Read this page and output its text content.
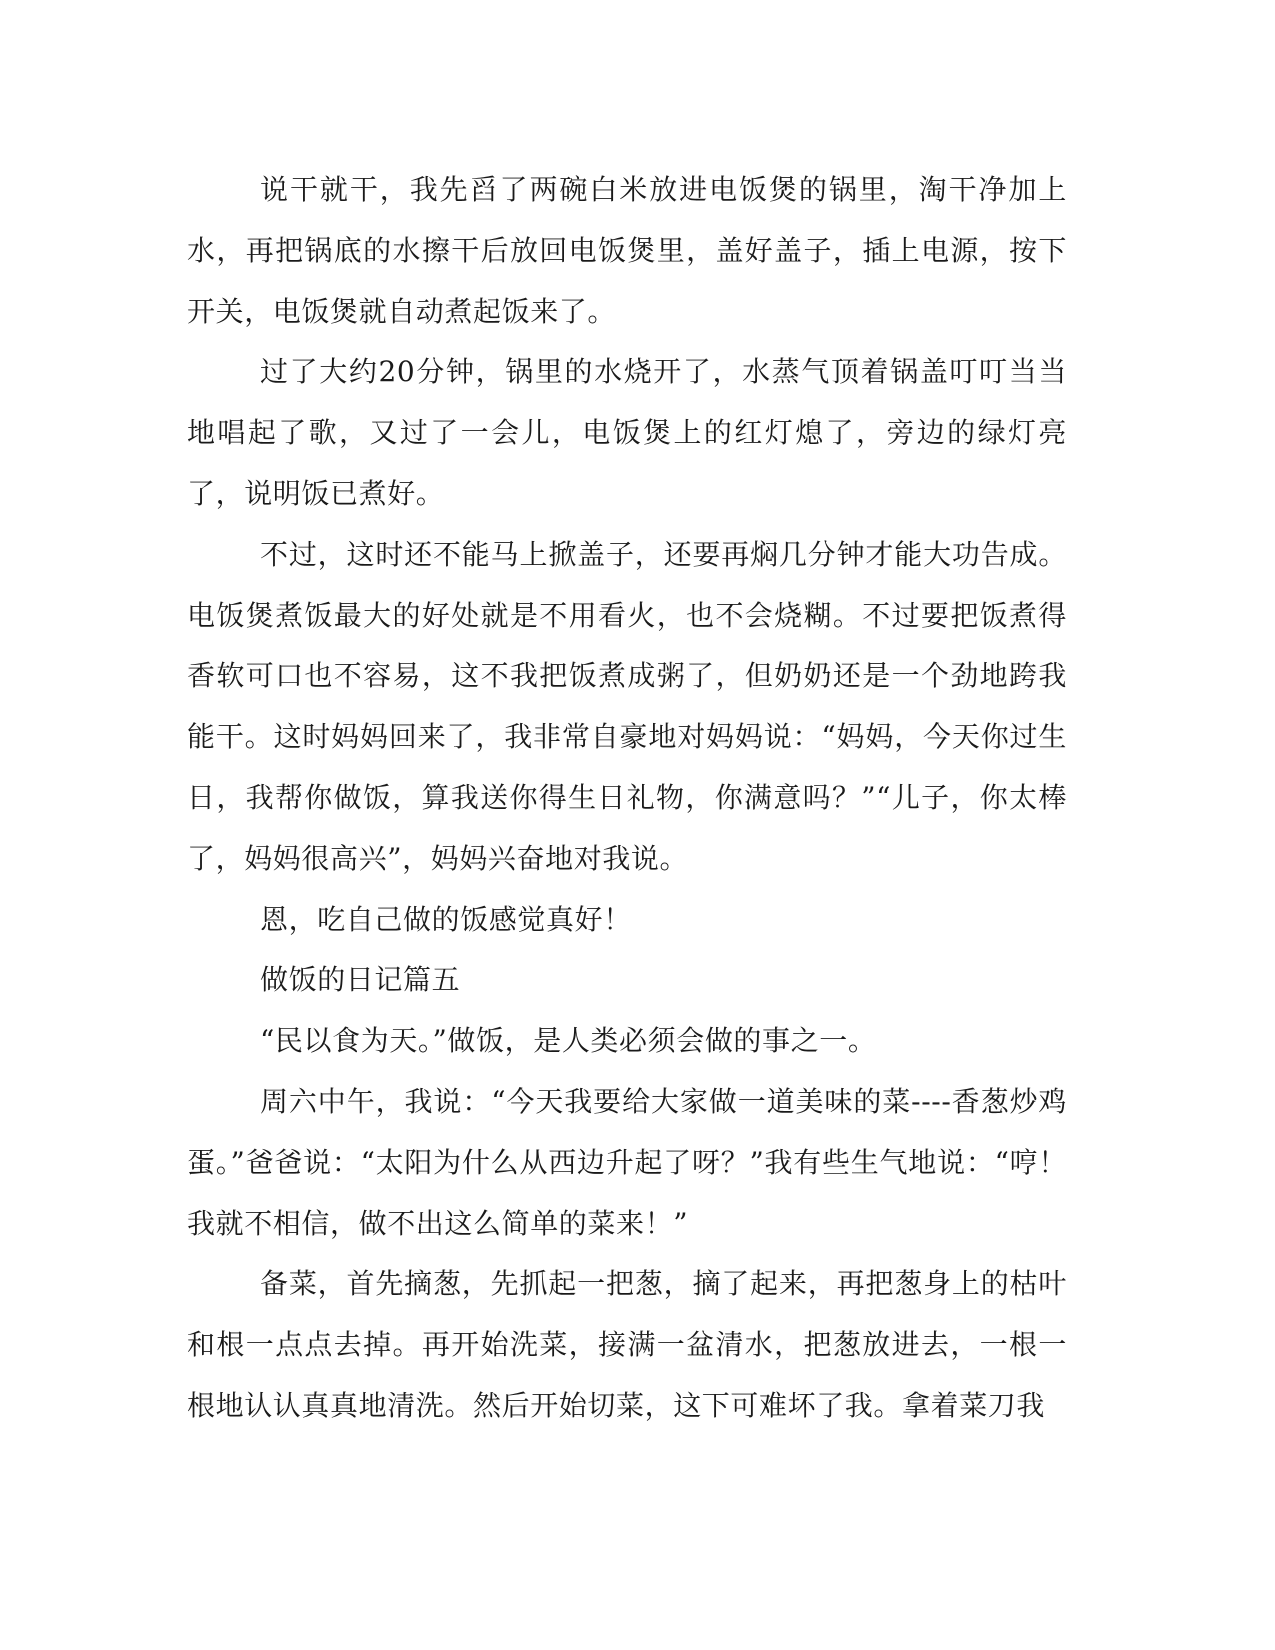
说干就干，我先舀了两碗白米放进电饭煲的锅里，淘干净加上水，再把锅底的水擦干后放回电饭煲里，盖好盖子，插上电源，按下开关，电饭煲就自动煮起饭来了。

过了大约20分钟，锅里的水烧开了，水蒸气顶着锅盖叮叮当当地唱起了歌，又过了一会儿，电饭煲上的红灯熄了，旁边的绿灯亮了，说明饭已煮好。

不过，这时还不能马上掀盖子，还要再焖几分钟才能大功告成。电饭煲煮饭最大的好处就是不用看火，也不会烧糊。不过要把饭煮得香软可口也不容易，这不我把饭煮成粥了，但奶奶还是一个劲地跨我能干。这时妈妈回来了，我非常自豪地对妈妈说：“妈妈，今天你过生日，我帮你做饭，算我送你得生日礼物，你满意吗？”“儿子，你太棒了，妈妈很高兴”，妈妈兴奋地对我说。

恩，吃自己做的饭感觉真好！

做饭的日记篇五

“民以食为天。”做饭，是人类必须会做的事之一。

周六中午，我说：“今天我要给大家做一道美味的菜----香葱炒鸡蛋。”爸爸说：“太阳为什么从西边升起了呀？”我有些生气地说：“哼！我就不相信，做不出这么简单的菜来！”

备菜，首先摘葱，先抓起一把葱，摘了起来，再把葱身上的枯叶和根一点点去掉。再开始洗菜，接满一盆清水，把葱放进去，一根一根地认认真真地清洗。然后开始切菜，这下可难坏了我。拿着菜刀我
